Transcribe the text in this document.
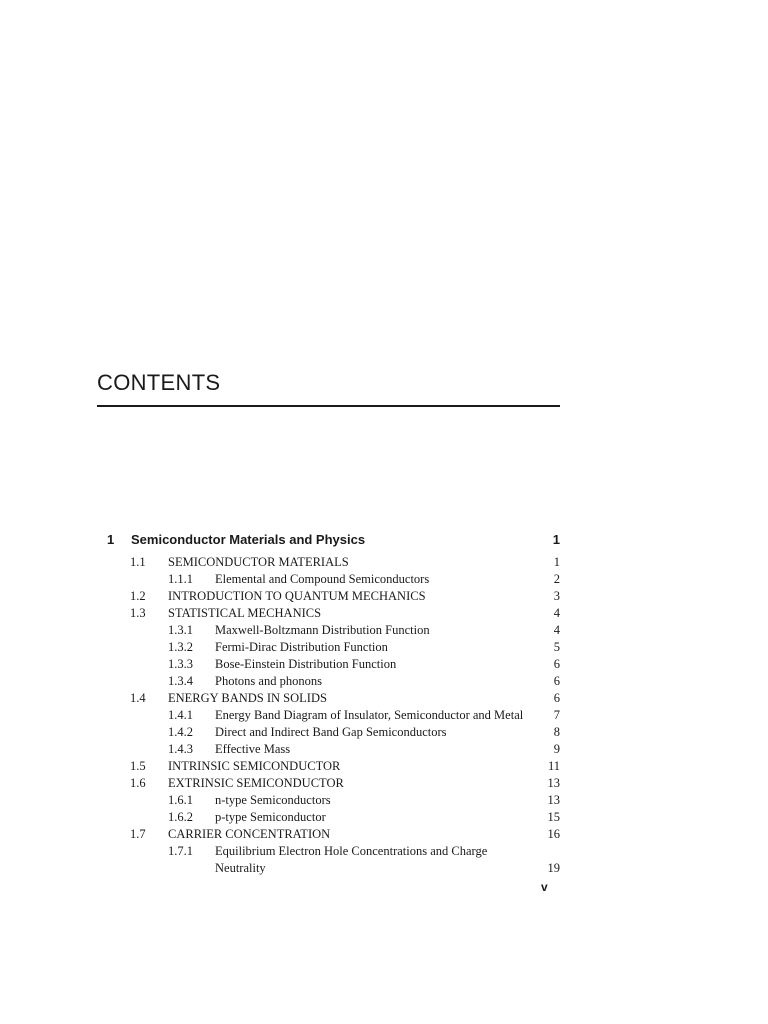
CONTENTS
1 Semiconductor Materials and Physics	1
1.1 SEMICONDUCTOR MATERIALS	1
1.1.1 Elemental and Compound Semiconductors	2
1.2 INTRODUCTION TO QUANTUM MECHANICS	3
1.3 STATISTICAL MECHANICS	4
1.3.1 Maxwell-Boltzmann Distribution Function	4
1.3.2 Fermi-Dirac Distribution Function	5
1.3.3 Bose-Einstein Distribution Function	6
1.3.4 Photons and phonons	6
1.4 ENERGY BANDS IN SOLIDS	6
1.4.1 Energy Band Diagram of Insulator, Semiconductor and Metal 7
1.4.2 Direct and Indirect Band Gap Semiconductors	8
1.4.3 Effective Mass	9
1.5 INTRINSIC SEMICONDUCTOR	11
1.6 EXTRINSIC SEMICONDUCTOR	13
1.6.1 n-type Semiconductors	13
1.6.2 p-type Semiconductor	15
1.7 CARRIER CONCENTRATION	16
1.7.1 Equilibrium Electron Hole Concentrations and Charge Neutrality	19
v
